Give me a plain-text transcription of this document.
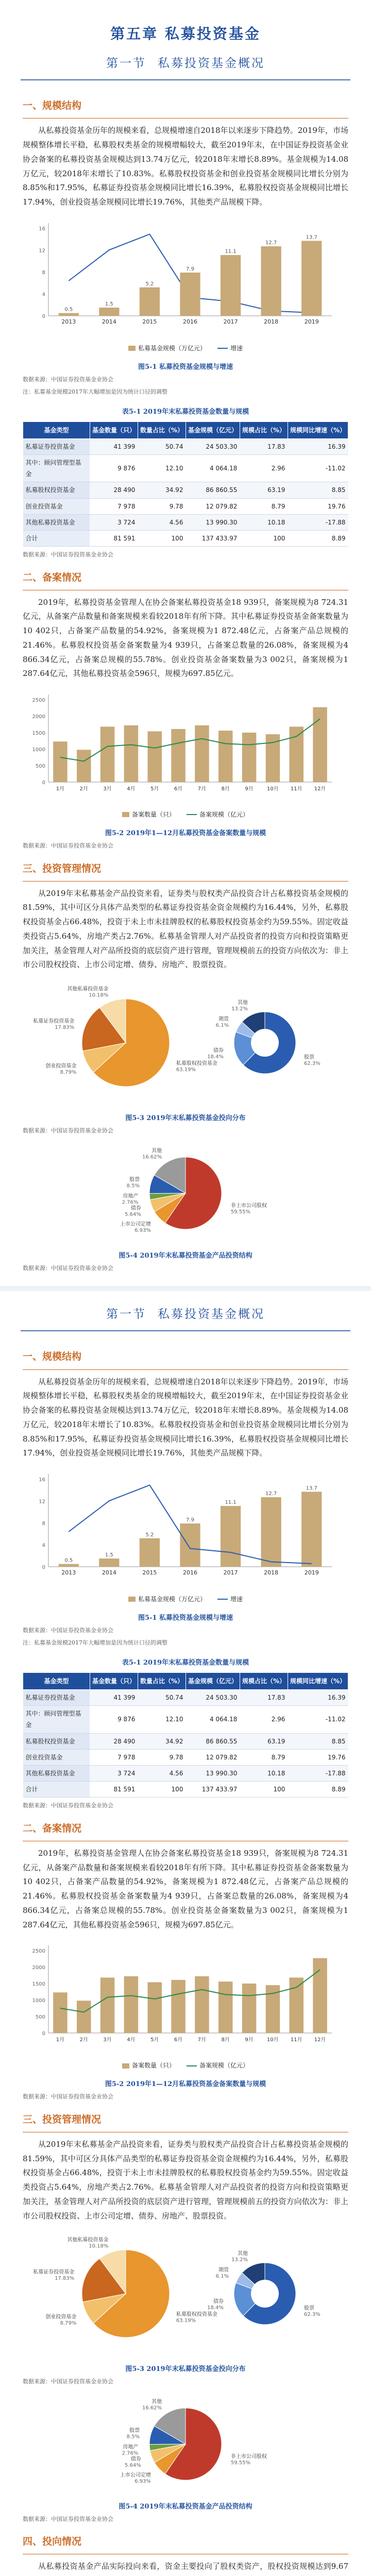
第五章 私募投资基金
第一节 私募投资基金概况
一、规模结构

从私募投资基金历年的规模来看，总规模增速自2018年以来逐步下降趋势。2019年，市场规模整体增长平稳，私募股权类基金的规模增幅较大，截至2019年末，在中国证券投资基金业协会备案的私募投资基金规模达到13.74万亿元，较2018年末增长8.89%。基金规模为14.08万亿元，较2018年末增长了10.83%。私募股权投资基金和创业投资基金规模同比增长分别为8.85%和17.95%，私募证券投资基金规模同比增长16.39%，私募股权投资基金规模同比增长17.94%，创业投资基金规模同比增长19.76%，其他类产品规模下降。

2013
0.5
2014
1.5
2015
5.2
2016
7.9
2017
11.1
2018
12.7
2019
13.7
0
4
8
12
16
私募基金规模（万亿元）	增速
图5-1 私募投资基金规模与增速
数据来源：中国证券投资基金业协会
注：私募基金规模2017年大幅增加是因为统计口径的调整
表5-1 2019年末私募投资基金数量与规模
基金类型	基金数量（只）	数量占比（%）	基金规模（亿元）	规模占比（%）	规模同比增速（%）
私募证券投资基金	41 399	50.74	24 503.30	17.83	16.39
其中：顾问管理型基金	9 876	12.10	4 064.18	2.96	-11.02
私募股权投资基金	28 490	34.92	86 860.55	63.19	8.85
创业投资基金	7 978	9.78	12 079.82	8.79	19.76
其他私募投资基金	3 724	4.56	13 990.30	10.18	-17.88
合计	81 591	100	137 433.97	100	8.89
数据来源：中国证券投资基金业协会
二、备案情况

2019年，私募投资基金管理人在协会备案私募投资基金18 939只，备案规模为8 724.31亿元，从备案产品数量和备案规模来看较2018年有所下降。其中私募证券投资基金备案数量为10 402只，占备案产品数量的54.92%，备案规模为1 872.48亿元，占备案产品总规模的21.46%。私募股权投资基金备案数量为4 939只，占备案总数量的26.08%，备案规模为4 866.34亿元，占备案总规模的55.78%。创业投资基金备案数量为3 002只，备案规模为1 287.64亿元，其他私募投资基金596只，规模为697.85亿元。

1月	2月	3月	4月	5月	6月	7月	8月	9月	10月 11月 12月
0
500
1000
1500
2000
2500
备案数量（只）	备案规模（亿元）
图5-2 2019年1—12月私募投资基金备案数量与规模
数据来源：中国证券投资基金业协会
三、投资管理情况

从2019年末私募基金产品投资来看，证券类与股权类产品投资合计占私募投资基金规模的81.59%，其中可区分具体产品类型的私募证券投资基金资金规模约为16.44%，另外，私募股权投资基金占66.48%，投资于未上市未挂牌股权的私募股权投资基金约为59.55%。固定收益类投资占5.64%，房地产类占2.76%。私募基金管理人对产品投资者的投资方向和投资策略更加关注，基金管理人对产品所投资的底层资产进行管理，管理规模前五的投资方向依次为：非上市公司股权投资、上市公司定增、债券、房地产、股票投资。

私募股权投资基金
63.19%
创业投资基金
8.79%
私募证券投资基金
17.83%
其他私募投资基金
10.18%
股票
62.3%
债券
18.4%
期货
6.1%
其他
13.2%
图5-3 2019年末私募投资基金投向分布
数据来源：中国证券投资基金业协会
非上市公司股权
59.55%
上市公司定增
6.93%
债券
5.64%
房地产
2.76%
股票
8.5%
其他
16.62%
图5-4 2019年末私募投资基金产品投资结构
数据来源：中国证券投资基金业协会
第一节 私募投资基金概况
一、规模结构

从私募投资基金历年的规模来看，总规模增速自2018年以来逐步下降趋势。2019年，市场规模整体增长平稳，私募股权类基金的规模增幅较大，截至2019年末，在中国证券投资基金业协会备案的私募投资基金规模达到13.74万亿元，较2018年末增长8.89%。基金规模为14.08万亿元，较2018年末增长了10.83%。私募股权投资基金和创业投资基金规模同比增长分别为8.85%和17.95%，私募证券投资基金规模同比增长16.39%，私募股权投资基金规模同比增长17.94%，创业投资基金规模同比增长19.76%，其他类产品规模下降。

2013
0.5
2014
1.5
2015
5.2
2016
7.9
2017
11.1
2018
12.7
2019
13.7
0
4
8
12
16
私募基金规模（万亿元）	增速
图5-1 私募投资基金规模与增速
数据来源：中国证券投资基金业协会
注：私募基金规模2017年大幅增加是因为统计口径的调整
表5-1 2019年末私募投资基金数量与规模
基金类型	基金数量（只）	数量占比（%）	基金规模（亿元）	规模占比（%）	规模同比增速（%）
私募证券投资基金	41 399	50.74	24 503.30	17.83	16.39
其中：顾问管理型基金	9 876	12.10	4 064.18	2.96	-11.02
私募股权投资基金	28 490	34.92	86 860.55	63.19	8.85
创业投资基金	7 978	9.78	12 079.82	8.79	19.76
其他私募投资基金	3 724	4.56	13 990.30	10.18	-17.88
合计	81 591	100	137 433.97	100	8.89
数据来源：中国证券投资基金业协会
二、备案情况

2019年，私募投资基金管理人在协会备案私募投资基金18 939只，备案规模为8 724.31亿元，从备案产品数量和备案规模来看较2018年有所下降。其中私募证券投资基金备案数量为10 402只，占备案产品数量的54.92%，备案规模为1 872.48亿元，占备案产品总规模的21.46%。私募股权投资基金备案数量为4 939只，占备案总数量的26.08%，备案规模为4 866.34亿元，占备案总规模的55.78%。创业投资基金备案数量为3 002只，备案规模为1 287.64亿元，其他私募投资基金596只，规模为697.85亿元。

1月	2月	3月	4月	5月	6月	7月	8月	9月	10月 11月 12月
0
500
1000
1500
2000
2500
备案数量（只）	备案规模（亿元）
图5-2 2019年1—12月私募投资基金备案数量与规模
数据来源：中国证券投资基金业协会
三、投资管理情况

从2019年末私募基金产品投资来看，证券类与股权类产品投资合计占私募投资基金规模的81.59%，其中可区分具体产品类型的私募证券投资基金资金规模约为16.44%，另外，私募股权投资基金占66.48%，投资于未上市未挂牌股权的私募股权投资基金约为59.55%。固定收益类投资占5.64%，房地产类占2.76%。私募基金管理人对产品投资者的投资方向和投资策略更加关注，基金管理人对产品所投资的底层资产进行管理，管理规模前五的投资方向依次为：非上市公司股权投资、上市公司定增、债券、房地产、股票投资。

私募股权投资基金
63.19%
创业投资基金
8.79%
私募证券投资基金
17.83%
其他私募投资基金
10.18%
股票
62.3%
债券
18.4%
期货
6.1%
其他
13.2%
图5-3 2019年末私募投资基金投向分布
数据来源：中国证券投资基金业协会
非上市公司股权
59.55%
上市公司定增
6.93%
债券
5.64%
房地产
2.76%
股票
8.5%
其他
16.62%
图5-4 2019年末私募投资基金产品投资结构
数据来源：中国证券投资基金业协会
四、投向情况

从私募投资基金产品实际投向来看，资金主要投向了股权类资产，股权投资规模达到9.67
